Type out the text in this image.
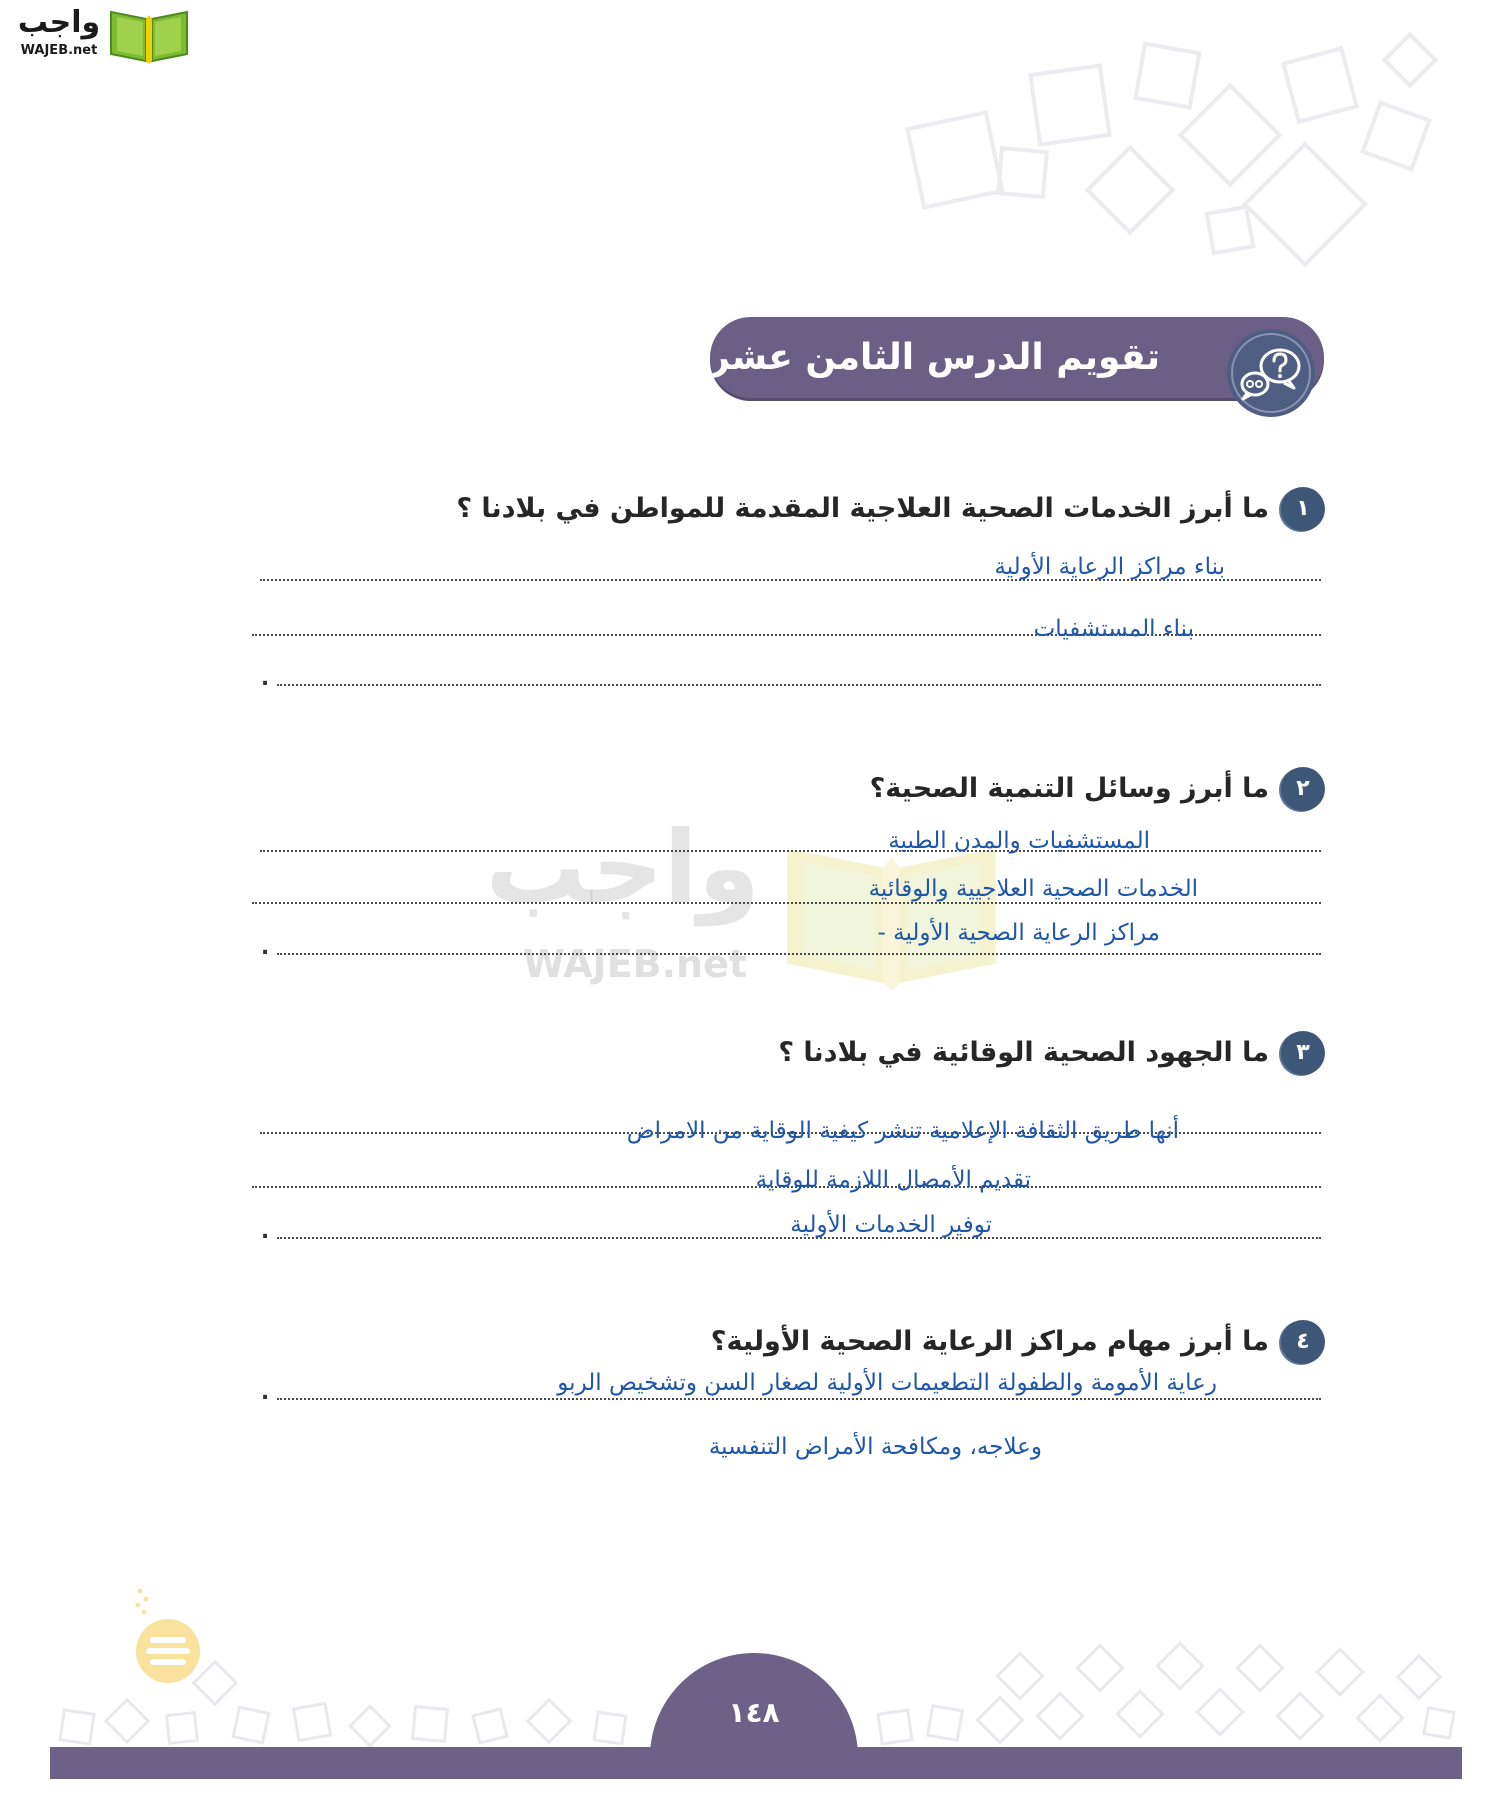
واجب
WAJEB.net
واجب
WAJEB.net
تقويم الدرس الثامن عشر
١
ما أبرز الخدمات الصحية العلاجية المقدمة للمواطن في بلادنا ؟
بناء مراكز الرعاية الأولية
بناء المستشفيات
.
٢
ما أبرز وسائل التنمية الصحية؟
المستشفيات والمدن الطبية
الخدمات الصحية العلاجيية والوقائية
مراكز الرعاية الصحية الأولية -
.
٣
ما الجهود الصحية الوقائية في بلادنا ؟
أنها طريق الثقافة الإعلامية تنشر كيفية الوقاية من الامراض
تقديم الأمصال اللازمة للوقاية
توفير الخدمات الأولية
.
٤
ما أبرز مهام مراكز الرعاية الصحية الأولية؟
رعاية الأمومة والطفولة التطعيمات الأولية لصغار السن وتشخيص الربو
.
وعلاجه، ومكافحة الأمراض التنفسية
١٤٨
